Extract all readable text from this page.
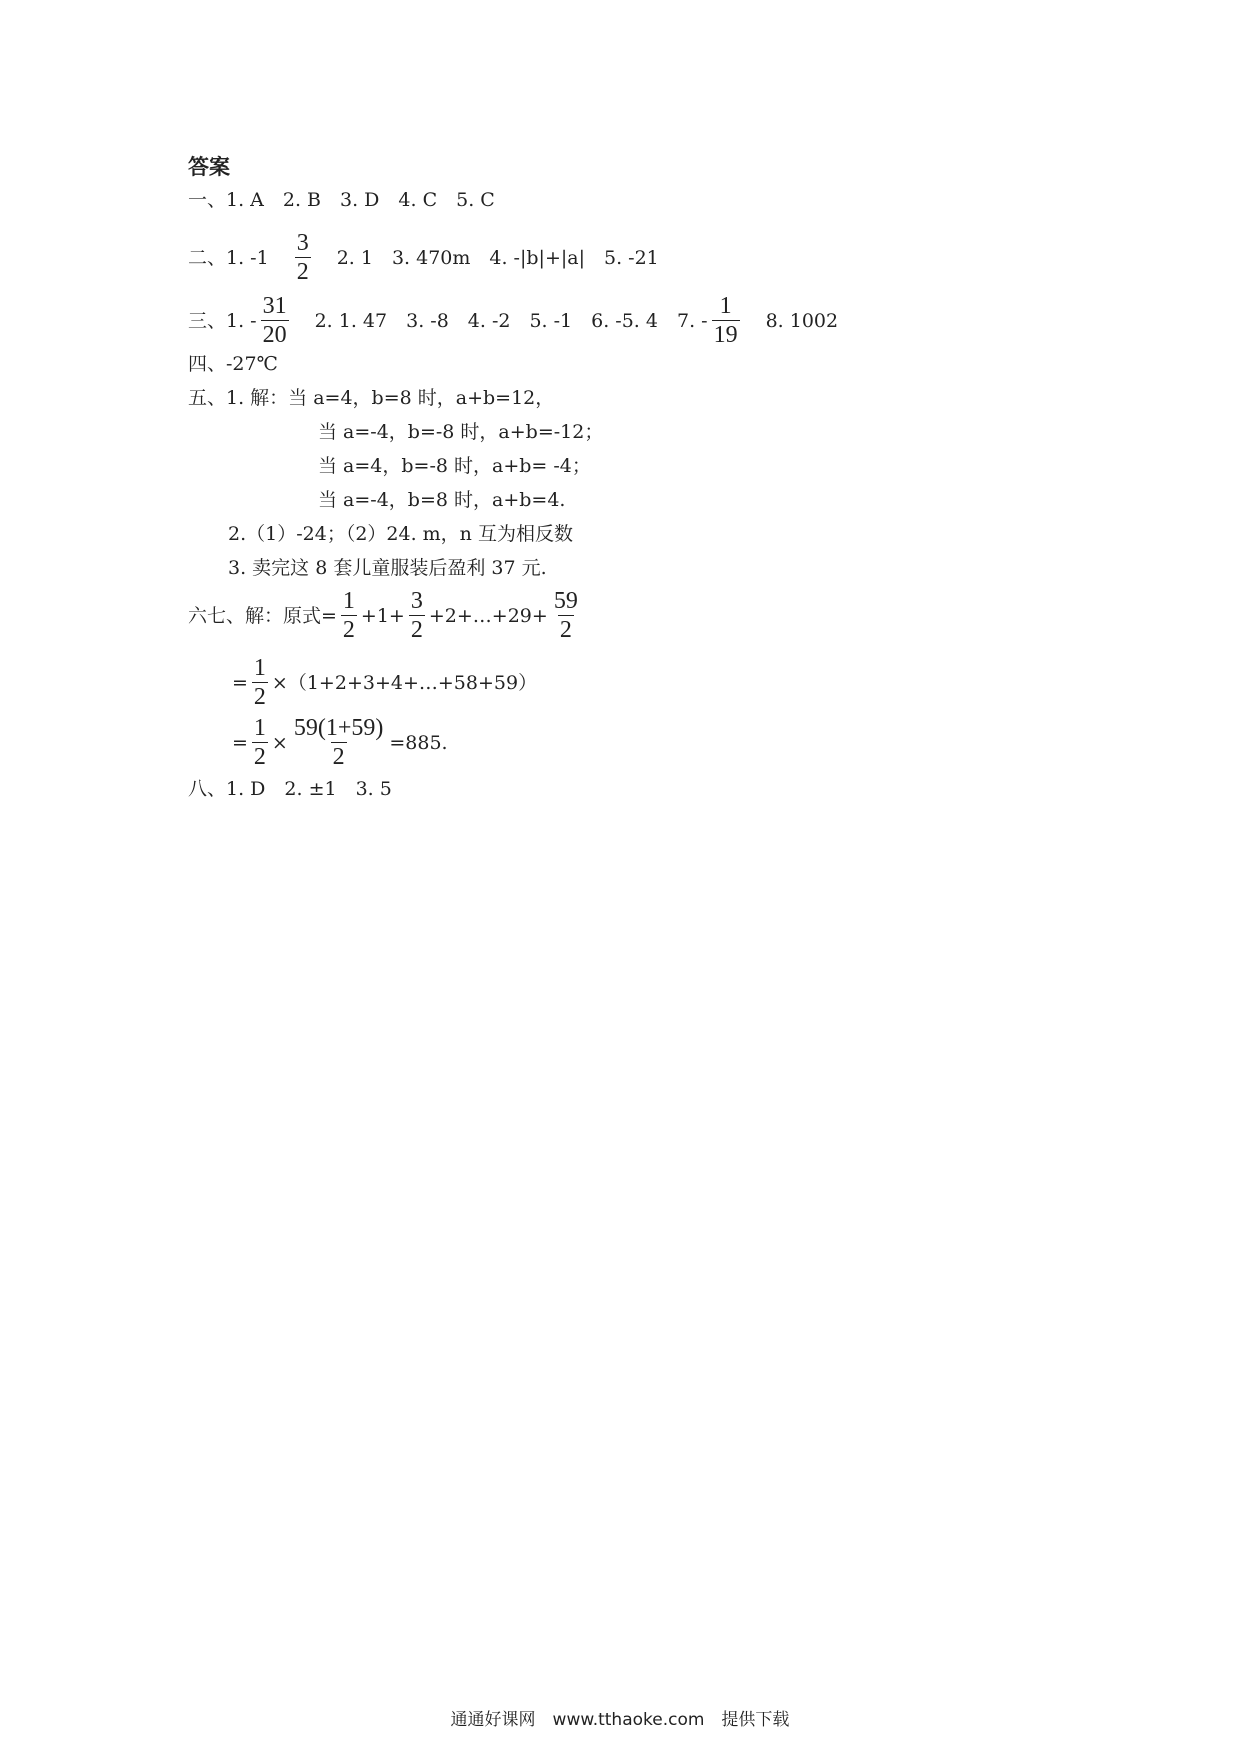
答案
一、1. A　2. B　3. D　4. C　5. C
二、1. $-1 \frac{3}{2} 2$. 1　3. 470m　4. -|b|+|a|　5. -21
三、1. - $\frac{31}{20} 2$. 1. 47　3. -8　4. -2　5. -1　6. -5. 4　7. - $\frac{1}{19} 8$. 1002
四、-27℃
五、1. 解：当 a=4，b=8 时，a+b=12，
当 a=-4，b=-8 时，a+b=-12；
当 a=4，b=-8 时，a+b= -4；
当 a=-4，b=8 时，a+b=4.
2.（1）-24；（2）24. m，n 互为相反数
3. 卖完这 8 套儿童服装后盈利 37 元.
六七、解：原式= $\frac{1}{2} +1+ \frac{3}{2}$ +2+…+29+ $\frac{59}{2}$
= $\frac{1}{2}$ ×（1+2+3+4+…+58+59）
= $\frac{1}{2} \times \frac{59(1+59)}{2} =885$.
八、1. D　2. ±1　3. 5
通通好课网　www.tthaoke.com　提供下载
